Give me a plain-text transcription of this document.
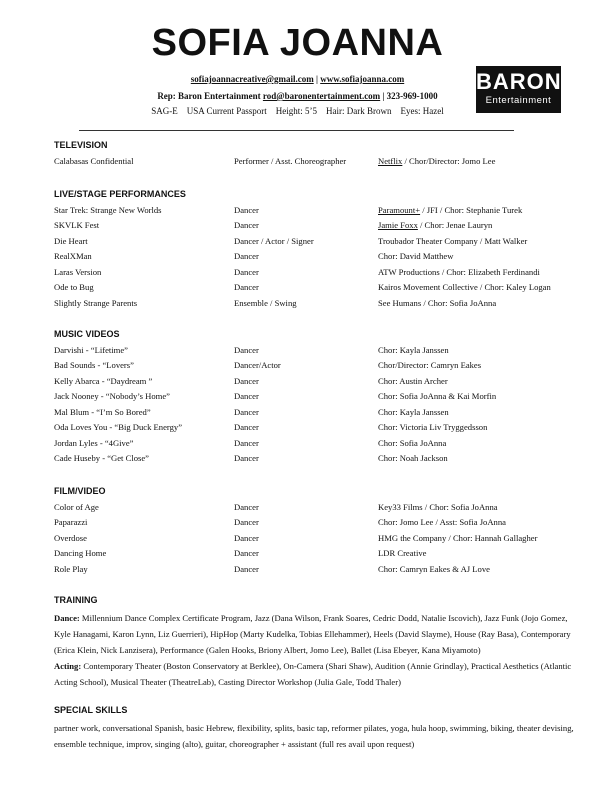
SOFIA JOANNA
sofiajoannacreative@gmail.com | www.sofiajoanna.com
Rep: Baron Entertainment rod@baronentertainment.com | 323-969-1000
SAG-E    USA Current Passport    Height: 5’5    Hair: Dark Brown    Eyes: Hazel
BARON
Entertainment
TELEVISION
Calabasas Confidential	Performer / Asst. Choreographer	Netflix / Chor/Director: Jomo Lee
LIVE/STAGE PERFORMANCES
Star Trek: Strange New Worlds	Dancer	Paramount+ / JFI / Chor: Stephanie Turek
SKVLK Fest	Dancer	Jamie Foxx / Chor: Jenae Lauryn
Die Heart	Dancer / Actor / Signer	Troubador Theater Company / Matt Walker
RealXMan	Dancer	Chor: David Matthew
Laras Version	Dancer	ATW Productions / Chor: Elizabeth Ferdinandi
Ode to Bug	Dancer	Kairos Movement Collective / Chor: Kaley Logan
Slightly Strange Parents	Ensemble / Swing	See Humans / Chor: Sofia JoAnna
MUSIC VIDEOS
Darvishi - “Lifetime”	Dancer	Chor: Kayla Janssen
Bad Sounds - “Lovers”	Dancer/Actor	Chor/Director: Camryn Eakes
Kelly Abarca - “Daydream ”	Dancer	Chor: Austin Archer
Jack Nooney - “Nobody’s Home”	Dancer	Chor: Sofia JoAnna & Kai Morfin
Mal Blum - “I’m So Bored”	Dancer	Chor: Kayla Janssen
Oda Loves You - “Big Duck Energy”	Dancer	Chor: Victoria Liv Tryggedsson
Jordan Lyles - “4Give”	Dancer	Chor: Sofia JoAnna
Cade Huseby - “Get Close”	Dancer	Chor: Noah Jackson
FILM/VIDEO
Color of Age	Dancer	Key33 Films / Chor: Sofia JoAnna
Paparazzi	Dancer	Chor: Jomo Lee / Asst: Sofia JoAnna
Overdose	Dancer	HMG the Company / Chor: Hannah Gallagher
Dancing Home	Dancer	LDR Creative
Role Play	Dancer	Chor: Camryn Eakes & AJ Love
TRAINING
Dance: Millennium Dance Complex Certificate Program, Jazz (Dana Wilson, Frank Soares, Cedric Dodd, Natalie Iscovich), Jazz Funk (Jojo Gomez, Kyle Hanagami, Karon Lynn, Liz Guerrieri), HipHop (Marty Kudelka, Tobias Ellehammer), Heels (David Slayme), House (Ray Basa), Contemporary (Erica Klein, Nick Lanzisera), Performance (Galen Hooks, Briony Albert, Jomo Lee), Ballet (Lisa Ebeyer, Kana Miyamoto)
Acting: Contemporary Theater (Boston Conservatory at Berklee), On-Camera (Shari Shaw), Audition (Annie Grindlay), Practical Aesthetics (Atlantic Acting School), Musical Theater (TheatreLab), Casting Director Workshop (Julia Gale, Todd Thaler)
SPECIAL SKILLS
partner work, conversational Spanish, basic Hebrew, flexibility, splits, basic tap, reformer pilates, yoga, hula hoop, swimming, biking, theater devising, ensemble technique, improv, singing (alto), guitar, choreographer + assistant (full res avail upon request)
